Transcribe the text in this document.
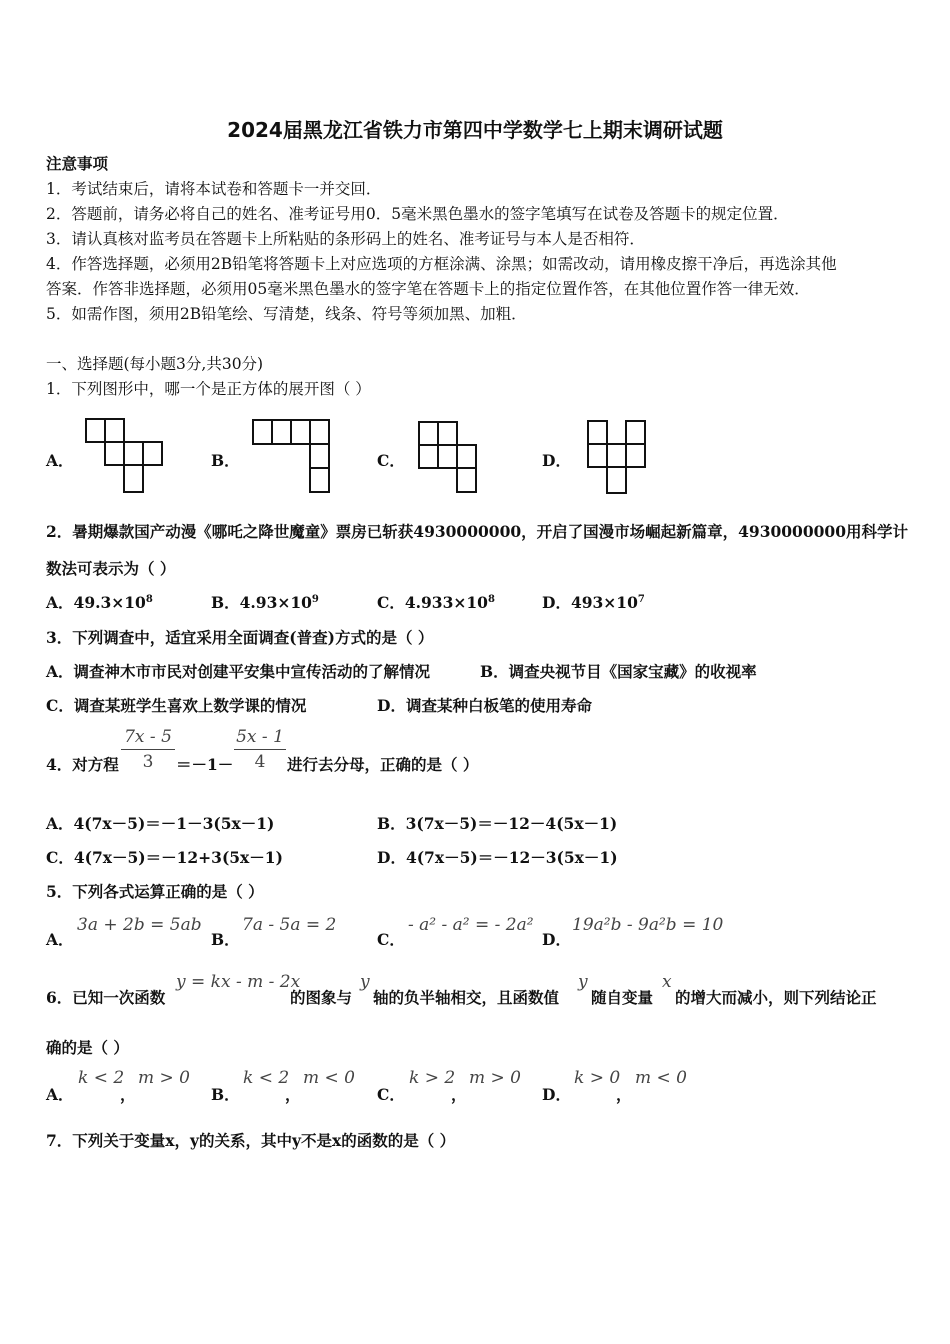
2024届黑龙江省铁力市第四中学数学七上期末调研试题
注意事项
1．考试结束后，请将本试卷和答题卡一并交回．
2．答题前，请务必将自己的姓名、准考证号用0．5毫米黑色墨水的签字笔填写在试卷及答题卡的规定位置．
3．请认真核对监考员在答题卡上所粘贴的条形码上的姓名、准考证号与本人是否相符．
4．作答选择题，必须用2B铅笔将答题卡上对应选项的方框涂满、涂黑；如需改动，请用橡皮擦干净后，再选涂其他
答案．作答非选择题，必须用05毫米黑色墨水的签字笔在答题卡上的指定位置作答，在其他位置作答一律无效．
5．如需作图，须用2B铅笔绘、写清楚，线条、符号等须加黑、加粗．
一、选择题(每小题3分,共30分)
1．下列图形中，哪一个是正方体的展开图（ ）
A．	B．	C．	D．
2．暑期爆款国产动漫《哪吒之降世魔童》票房已斩获4930000000，开启了国漫市场崛起新篇章，4930000000用科学计
数法可表示为（ ）
A．$49.3\times 10^8$	B．$4.93\times 10^9$	C．$4.933\times 10^8$	D．$493\times 10^7$
3．下列调查中，适宜采用全面调查(普查)方式的是（ ）
A．调查神木市市民对创建平安集中宣传活动的了解情况	B．调查央视节目《国家宝藏》的收视率
C．调查某班学生喜欢上数学课的情况	D．调查某种白板笔的使用寿命
4．对方程 $\frac{7x - 5}{3} =-1- \frac{5x - 1}{4}$ 进行去分母，正确的是（ ）
A．4(7x－5)＝－1－3(5x－1)	B．3(7x－5)＝－12－4(5x－1)
C．4(7x－5)＝－12+3(5x－1)	D．4(7x－5)＝－12－3(5x－1)
5．下列各式运算正确的是（ ）
A．
3a + 2b = 5ab
B．
7a - 5a = 2
C．
- a² - a² = - 2a²
D．
19a²b - 9a²b = 10
6．已知一次函数
y = kx - m - 2x
的图象与
y
轴的负半轴相交，且函数值
y
随自变量
x
的增大而减小，则下列结论正
确的是（ ）
A．
k < 2
，
m > 0
B．
k < 2
，
m < 0
C．
k > 2
，
m > 0
D．
k > 0
，
m < 0
7．下列关于变量x，y的关系，其中y不是x的函数的是（ ）
